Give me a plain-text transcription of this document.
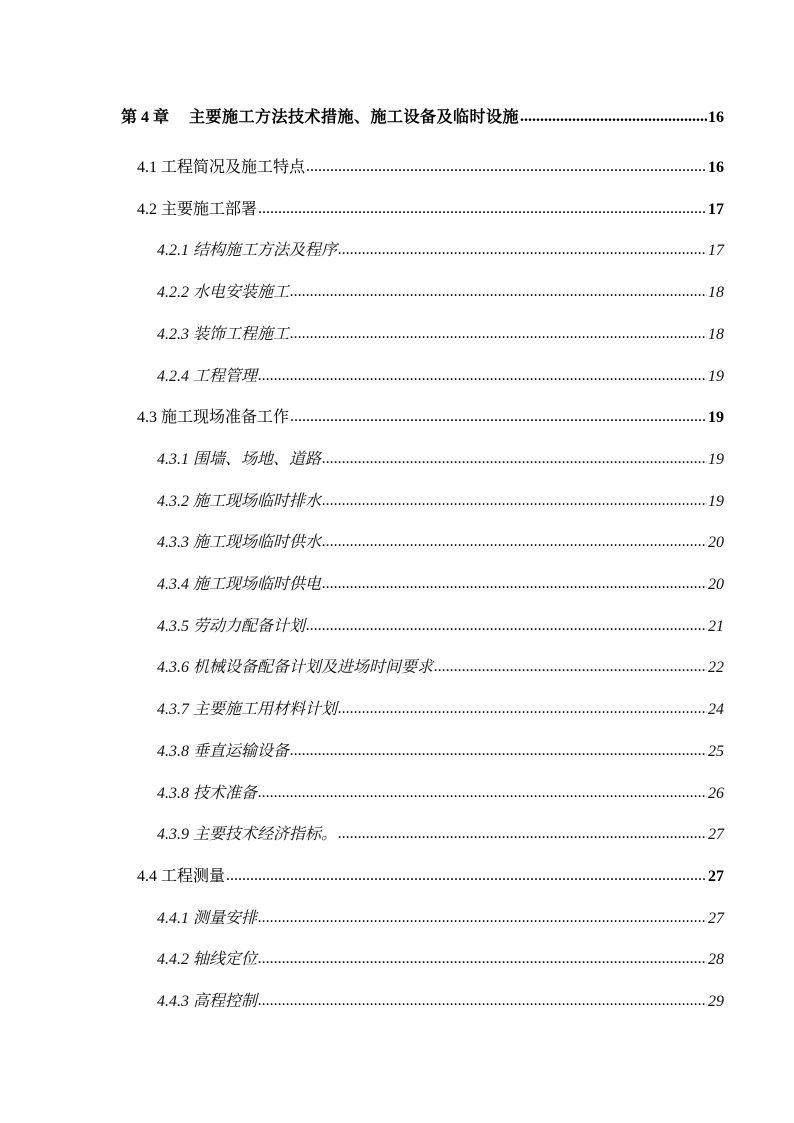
第 4 章 主要施工方法技术措施、施工设备及临时设施 .....	16
4.1 工程简况及施工特点 .....	16
4.2 主要施工部署 .....	17
4.2.1 结构施工方法及程序 .....	17
4.2.2 水电安装施工 .....	18
4.2.3 装饰工程施工 .....	18
4.2.4 工程管理 .....	19
4.3 施工现场准备工作 .....	19
4.3.1 围墙、场地、道路 .....	19
4.3.2 施工现场临时排水 .....	19
4.3.3 施工现场临时供水 .....	20
4.3.4 施工现场临时供电 .....	20
4.3.5 劳动力配备计划 .....	21
4.3.6 机械设备配备计划及进场时间要求 .....	22
4.3.7 主要施工用材料计划 .....	24
4.3.8 垂直运输设备 .....	25
4.3.8 技术准备 .....	26
4.3.9 主要技术经济指标。 .....	27
4.4 工程测量 .....	27
4.4.1 测量安排 .....	27
4.4.2 轴线定位 .....	28
4.4.3 高程控制 .....	29
